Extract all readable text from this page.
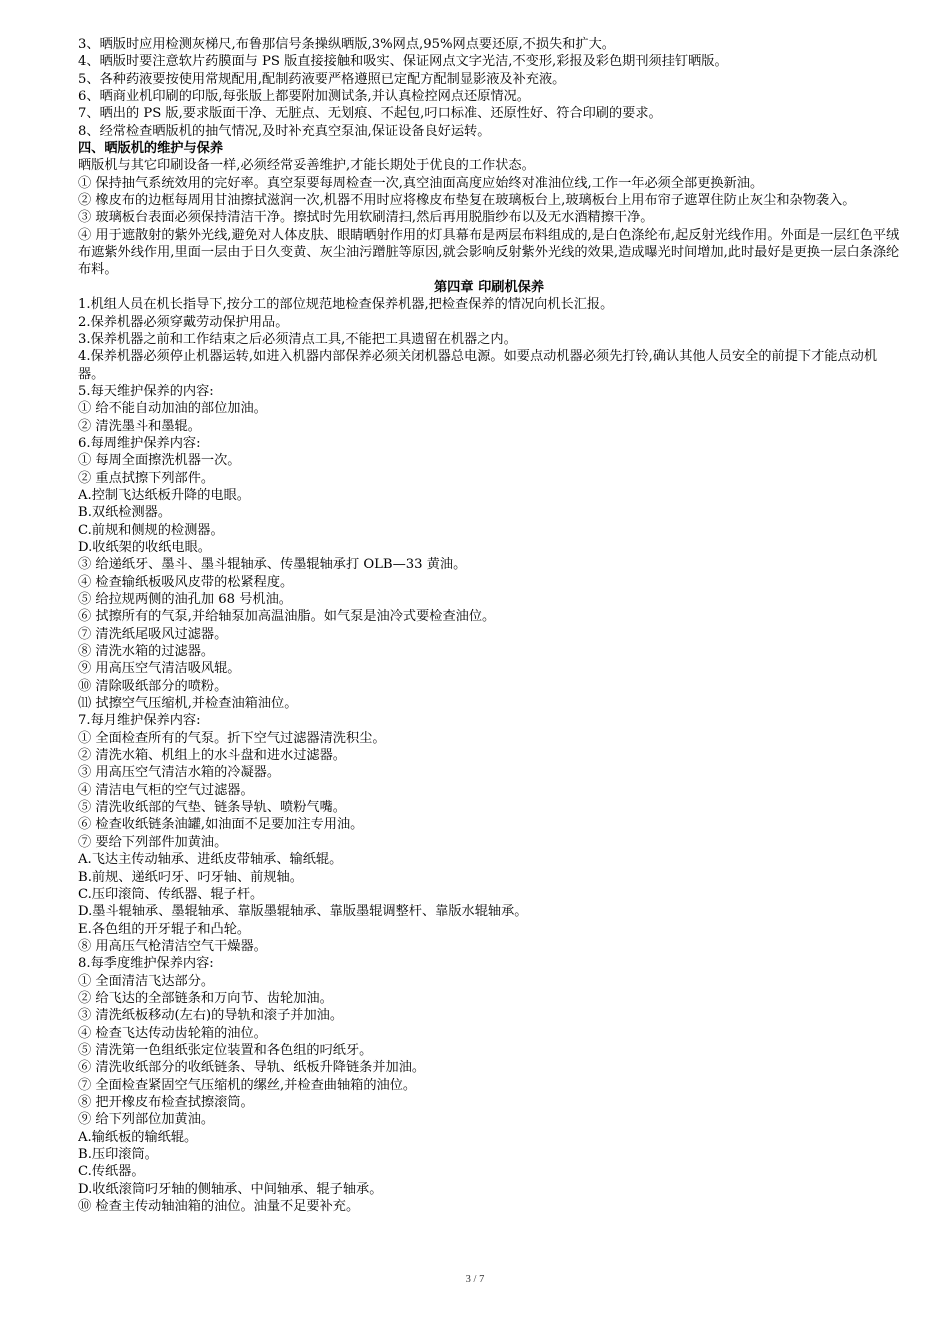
3、晒版时应用检测灰梯尺,布鲁那信号条操纵晒版,3%网点,95%网点要还原,不损失和扩大。
4、晒版时要注意软片药膜面与 PS 版直接接触和吸实、保证网点文字光洁,不变形,彩报及彩色期刊须挂钉晒版。
5、各种药液要按使用常规配用,配制药液要严格遵照已定配方配制显影液及补充液。
6、晒商业机印刷的印版,每张版上都要附加测试条,并认真检控网点还原情况。
7、晒出的 PS 版,要求版面干净、无脏点、无划痕、不起包,叼口标准、还原性好、符合印刷的要求。
8、经常检查晒版机的抽气情况,及时补充真空泵油,保证设备良好运转。
四、晒版机的维护与保养
晒版机与其它印刷设备一样,必须经常妥善维护,才能长期处于优良的工作状态。
① 保持抽气系统效用的完好率。真空泵要每周检查一次,真空油面高度应始终对准油位线,工作一年必须全部更换新油。
② 橡皮布的边框每周用甘油擦拭滋润一次,机器不用时应将橡皮布垫复在玻璃板台上,玻璃板台上用布帘子遮罩住防止灰尘和杂物袭入。
③ 玻璃板台表面必须保持清洁干净。擦拭时先用软刷清扫,然后再用脱脂纱布以及无水酒精擦干净。
④ 用于遮散射的紫外光线,避免对人体皮肤、眼睛晒射作用的灯具幕布是两层布料组成的,是白色涤纶布,起反射光线作用。外面是一层红色平绒布遮紫外线作用,里面一层由于日久变黄、灰尘油污蹭脏等原因,就会影响反射紫外光线的效果,造成曝光时间增加,此时最好是更换一层白条涤纶布料。
第四章 印刷机保养
1.机组人员在机长指导下,按分工的部位规范地检查保养机器,把检查保养的情况向机长汇报。
2.保养机器必须穿戴劳动保护用品。
3.保养机器之前和工作结束之后必须清点工具,不能把工具遗留在机器之内。
4.保养机器必须停止机器运转,如进入机器内部保养必须关闭机器总电源。如要点动机器必须先打铃,确认其他人员安全的前提下才能点动机器。
5.每天维护保养的内容:
① 给不能自动加油的部位加油。
② 清洗墨斗和墨辊。
6.每周维护保养内容:
① 每周全面擦洗机器一次。
② 重点拭擦下列部件。
A.控制飞达纸板升降的电眼。
B.双纸检测器。
C.前规和侧规的检测器。
D.收纸架的收纸电眼。
③ 给递纸牙、墨斗、墨斗辊轴承、传墨辊轴承打 OLB—33 黄油。
④ 检查输纸板吸风皮带的松紧程度。
⑤ 给拉规两侧的油孔加 68 号机油。
⑥ 拭擦所有的气泵,并给轴泵加高温油脂。如气泵是油冷式要检查油位。
⑦ 清洗纸尾吸风过滤器。
⑧ 清洗水箱的过滤器。
⑨ 用高压空气清洁吸风辊。
⑩ 清除吸纸部分的喷粉。
⑾ 拭擦空气压缩机,并检查油箱油位。
7.每月维护保养内容:
① 全面检查所有的气泵。折下空气过滤器清洗积尘。
② 清洗水箱、机组上的水斗盘和进水过滤器。
③ 用高压空气清洁水箱的冷凝器。
④ 清洁电气柜的空气过滤器。
⑤ 清洗收纸部的气垫、链条导轨、喷粉气嘴。
⑥ 检查收纸链条油罐,如油面不足要加注专用油。
⑦ 要给下列部件加黄油。
A.飞达主传动轴承、进纸皮带轴承、输纸辊。
B.前规、递纸叼牙、叼牙轴、前规轴。
C.压印滚筒、传纸器、辊子杆。
D.墨斗辊轴承、墨辊轴承、靠版墨辊轴承、靠版墨辊调整杆、靠版水辊轴承。
E.各色组的开牙辊子和凸轮。
⑧ 用高压气枪清洁空气干燥器。
8.每季度维护保养内容:
① 全面清洁飞达部分。
② 给飞达的全部链条和万向节、齿轮加油。
③ 清洗纸板移动(左右)的导轨和滚子并加油。
④ 检查飞达传动齿轮箱的油位。
⑤ 清洗第一色组纸张定位装置和各色组的叼纸牙。
⑥ 清洗收纸部分的收纸链条、导轨、纸板升降链条并加油。
⑦ 全面检查紧固空气压缩机的缧丝,并检查曲轴箱的油位。
⑧ 把开橡皮布检查拭擦滚筒。
⑨ 给下列部位加黄油。
A.输纸板的输纸辊。
B.压印滚筒。
C.传纸器。
D.收纸滚筒叼牙轴的侧轴承、中间轴承、辊子轴承。
⑩ 检查主传动轴油箱的油位。油量不足要补充。
3 / 7
